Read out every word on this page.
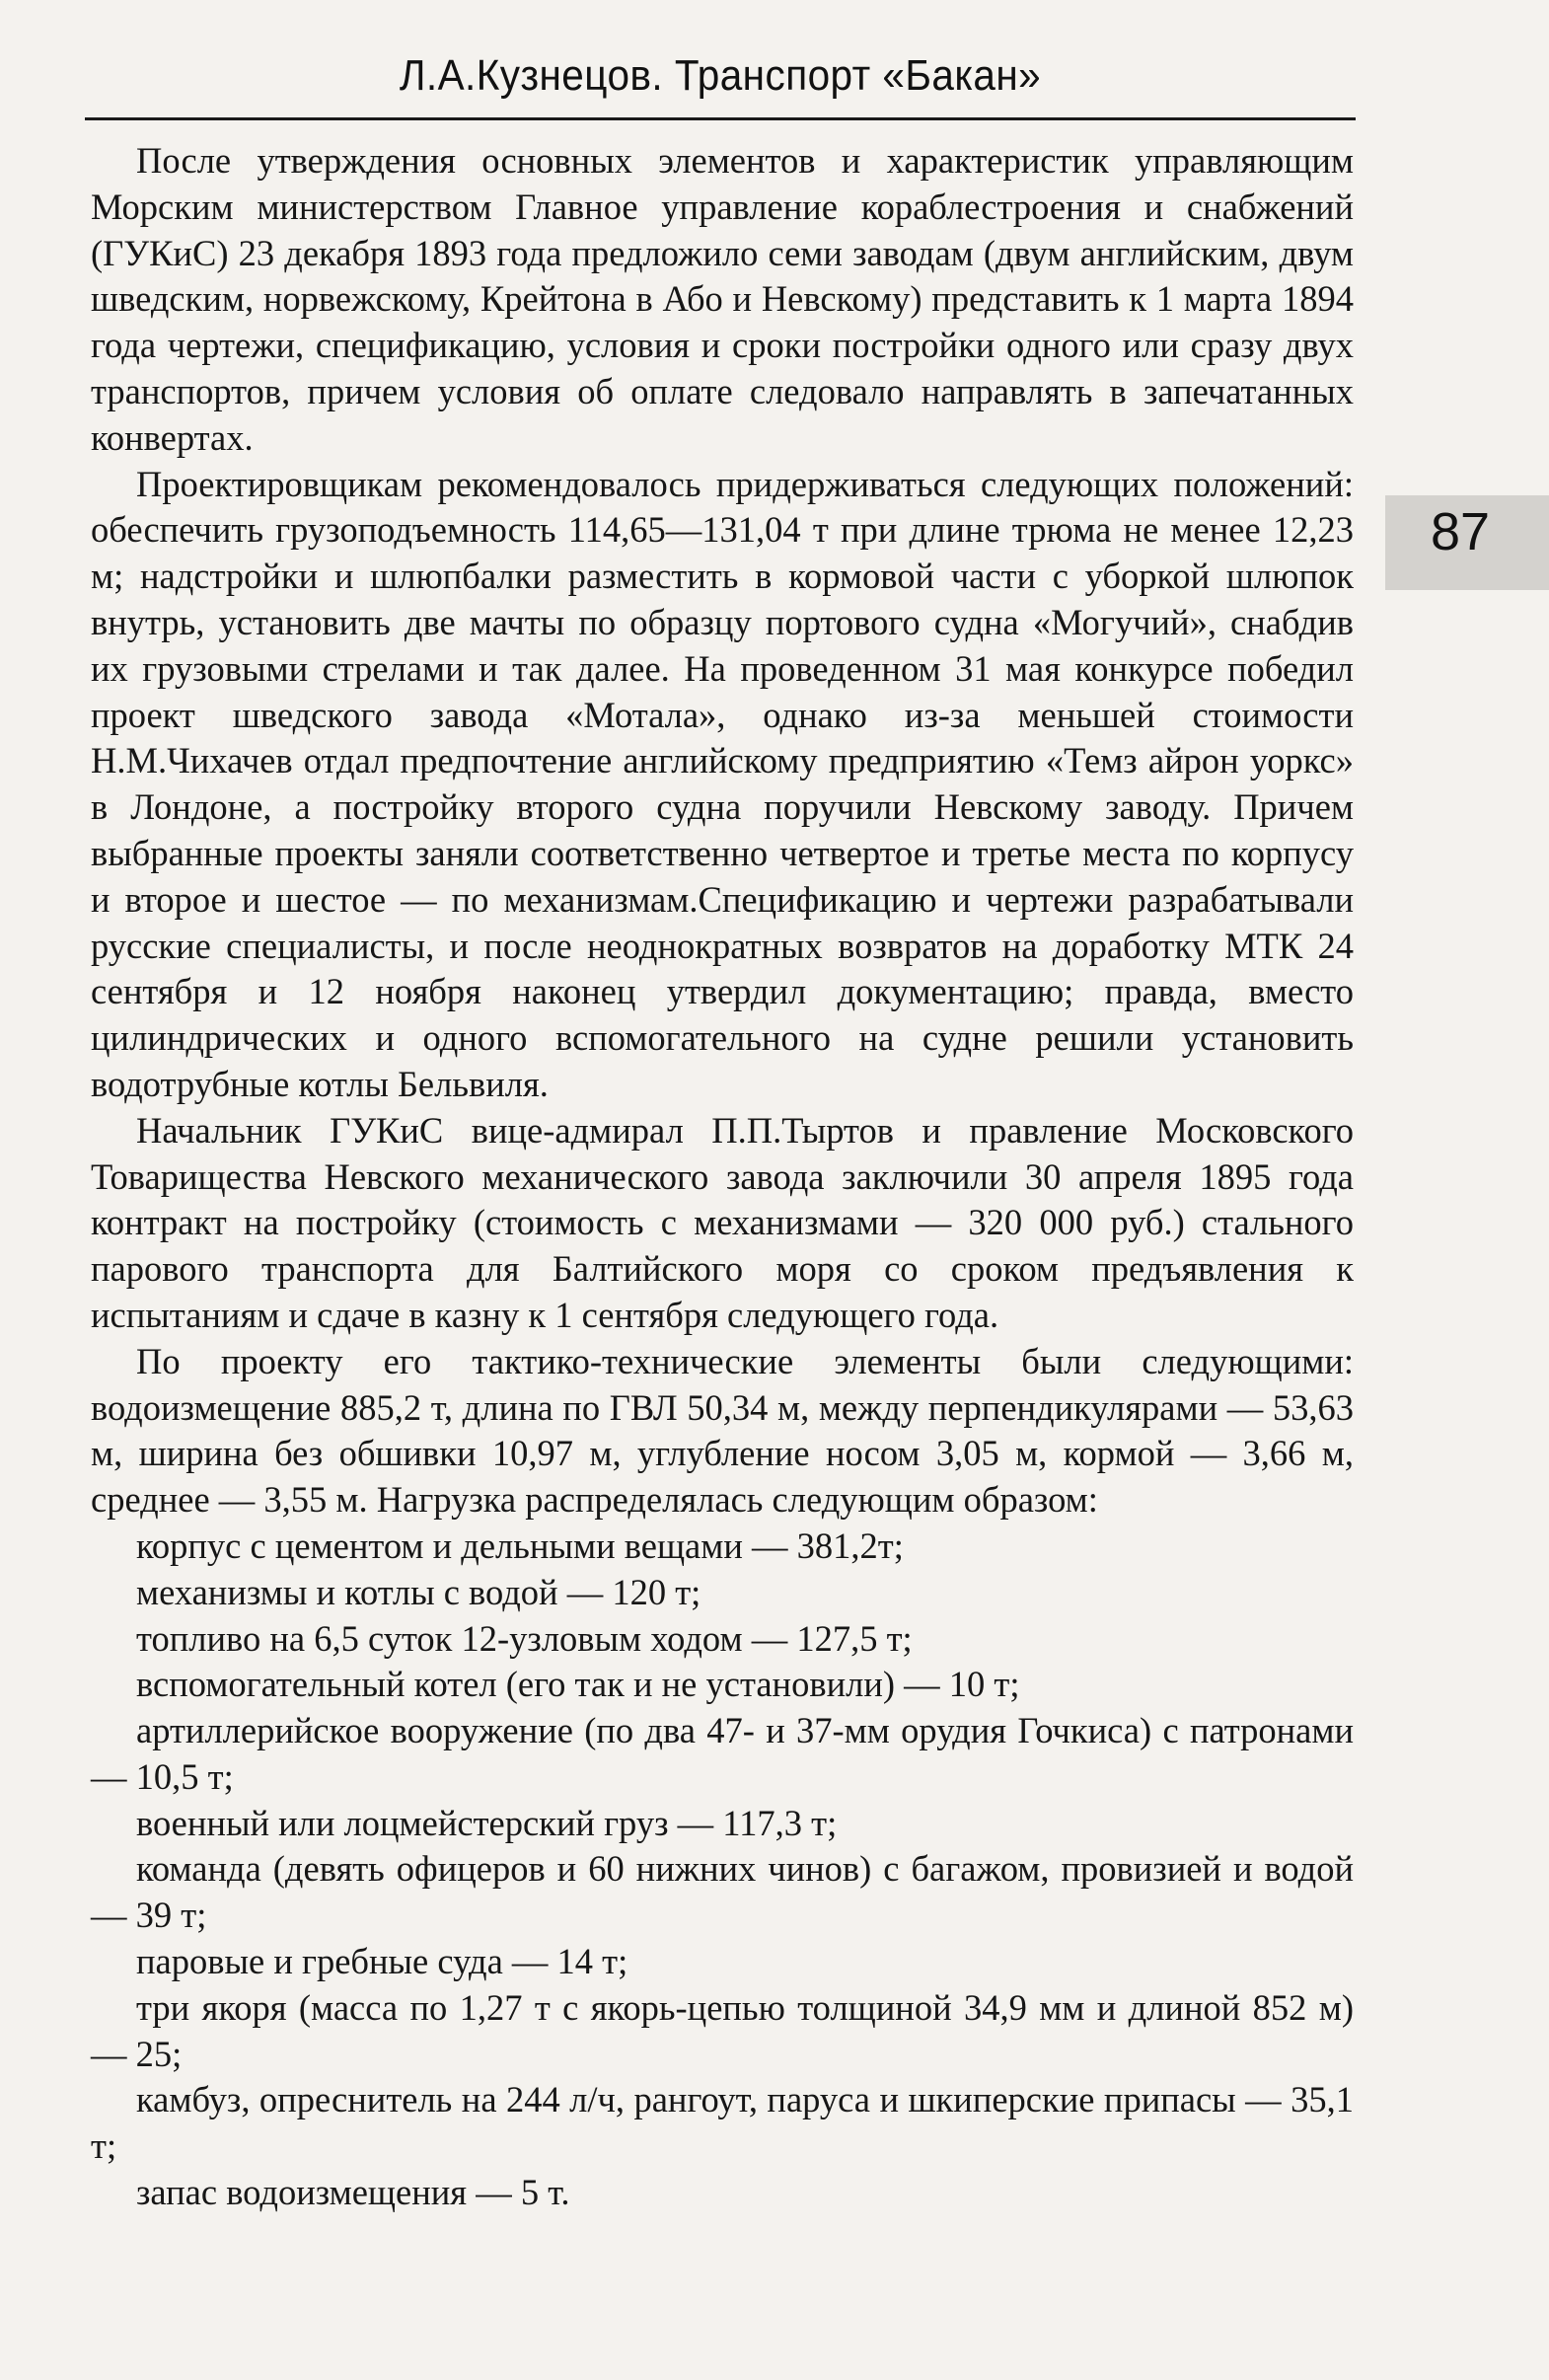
Л.А.Кузнецов. Транспорт «Бакан»
87

После утверждения основных элементов и характеристик управляющим Морским министерством Главное управление кораблестроения и снабжений (ГУКиС) 23 декабря 1893 года предложило семи заводам (двум английским, двум шведским, норвежскому, Крейтона в Або и Невскому) представить к 1 марта 1894 года чертежи, спецификацию, условия и сроки постройки одного или сразу двух транспортов, причем условия об оплате следовало направлять в запечатанных конвертах.

Проектировщикам рекомендовалось придерживаться следующих положений: обеспечить грузоподъемность 114,65—131,04 т при длине трюма не менее 12,23 м; надстройки и шлюпбалки разместить в кормовой части с уборкой шлюпок внутрь, установить две мачты по образцу портового судна «Могучий», снабдив их грузовыми стрелами и так далее. На проведенном 31 мая конкурсе победил проект шведского завода «Мотала», однако из-за меньшей стоимости Н.М.Чихачев отдал предпочтение английскому предприятию «Темз айрон уоркс» в Лондоне, а постройку второго судна поручили Невскому заводу. Причем выбранные проекты заняли соответственно четвертое и третье места по корпусу и второе и шестое — по механизмам.Спецификацию и чертежи разрабатывали русские специалисты, и после неоднократных возвратов на доработку МТК 24 сентября и 12 ноября наконец утвердил документацию; правда, вместо цилиндрических и одного вспомогательного на судне решили установить водотрубные котлы Бельвиля.

Начальник ГУКиС вице-адмирал П.П.Тыртов и правление Московского Товарищества Невского механического завода заключили 30 апреля 1895 года контракт на постройку (стоимость с механизмами — 320 000 руб.) стального парового транспорта для Балтийского моря со сроком предъявления к испытаниям и сдаче в казну к 1 сентября следующего года.

По проекту его тактико-технические элементы были следующими: водоизмещение 885,2 т, длина по ГВЛ 50,34 м, между перпендикулярами — 53,63 м, ширина без обшивки 10,97 м, углубление носом 3,05 м, кормой — 3,66 м, среднее — 3,55 м. Нагрузка распределялась следующим образом:

корпус с цементом и дельными вещами — 381,2т;

механизмы и котлы с водой — 120 т;

топливо на 6,5 суток 12-узловым ходом — 127,5 т;

вспомогательный котел (его так и не установили) — 10 т;

артиллерийское вооружение (по два 47- и 37-мм орудия Гочкиса) с патронами — 10,5 т;

военный или лоцмейстерский груз — 117,3 т;

команда (девять офицеров и 60 нижних чинов) с багажом, провизией и водой — 39 т;

паровые и гребные суда — 14 т;

три якоря (масса по 1,27 т с якорь-цепью толщиной 34,9 мм и длиной 852 м) — 25;

камбуз, опреснитель на 244 л/ч, рангоут, паруса и шкиперские припасы — 35,1 т;

запас водоизмещения — 5 т.
